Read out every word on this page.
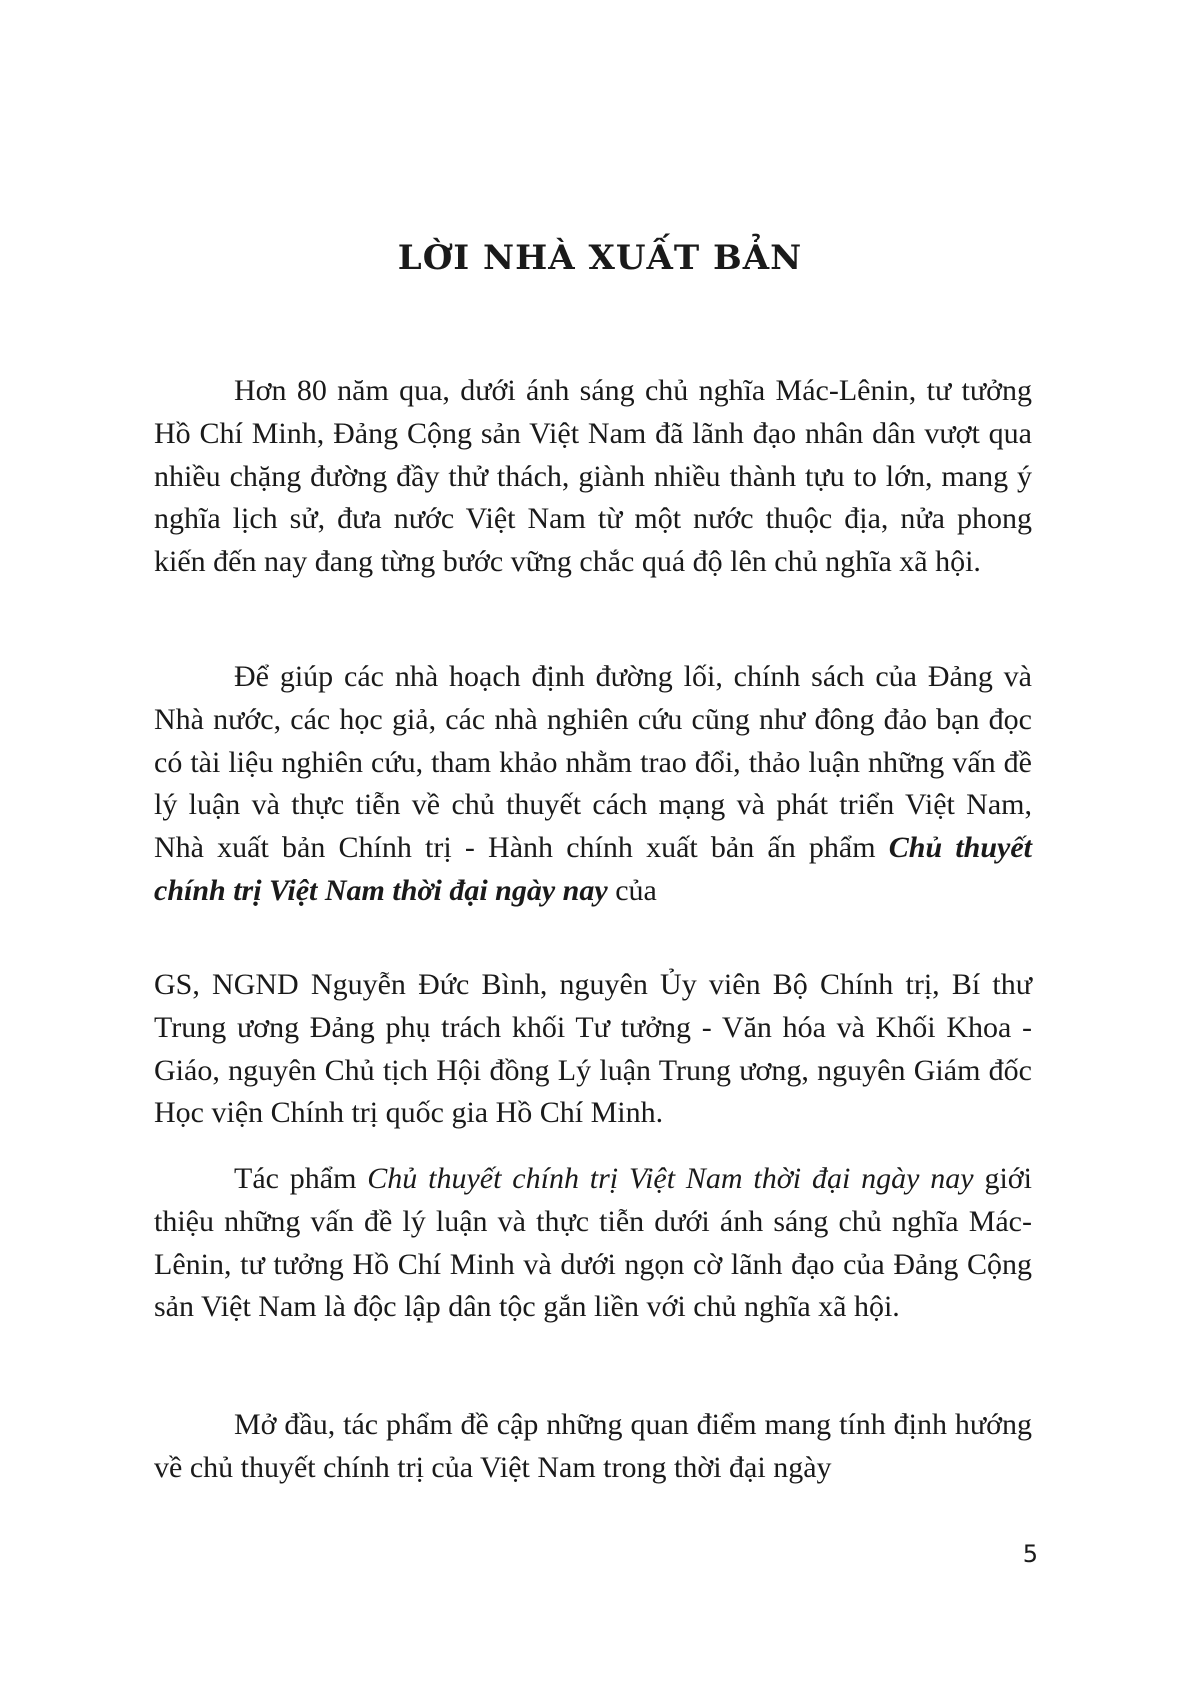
LỜI NHÀ XUẤT BẢN

Hơn 80 năm qua, dưới ánh sáng chủ nghĩa Mác-Lênin, tư tưởng Hồ Chí Minh, Đảng Cộng sản Việt Nam đã lãnh đạo nhân dân vượt qua nhiều chặng đường đầy thử thách, giành nhiều thành tựu to lớn, mang ý nghĩa lịch sử, đưa nước Việt Nam từ một nước thuộc địa, nửa phong kiến đến nay đang từng bước vững chắc quá độ lên chủ nghĩa xã hội.

Để giúp các nhà hoạch định đường lối, chính sách của Đảng và Nhà nước, các học giả, các nhà nghiên cứu cũng như đông đảo bạn đọc có tài liệu nghiên cứu, tham khảo nhằm trao đổi, thảo luận những vấn đề lý luận và thực tiễn về chủ thuyết cách mạng và phát triển Việt Nam, Nhà xuất bản Chính trị - Hành chính xuất bản ấn phẩm Chủ thuyết chính trị Việt Nam thời đại ngày nay của

GS, NGND Nguyễn Đức Bình, nguyên Ủy viên Bộ Chính trị, Bí thư Trung ương Đảng phụ trách khối Tư tưởng - Văn hóa và Khối Khoa - Giáo, nguyên Chủ tịch Hội đồng Lý luận Trung ương, nguyên Giám đốc Học viện Chính trị quốc gia Hồ Chí Minh.

Tác phẩm Chủ thuyết chính trị Việt Nam thời đại ngày nay giới thiệu những vấn đề lý luận và thực tiễn dưới ánh sáng chủ nghĩa Mác-Lênin, tư tưởng Hồ Chí Minh và dưới ngọn cờ lãnh đạo của Đảng Cộng sản Việt Nam là độc lập dân tộc gắn liền với chủ nghĩa xã hội.

Mở đầu, tác phẩm đề cập những quan điểm mang tính định hướng về chủ thuyết chính trị của Việt Nam trong thời đại ngày

5
